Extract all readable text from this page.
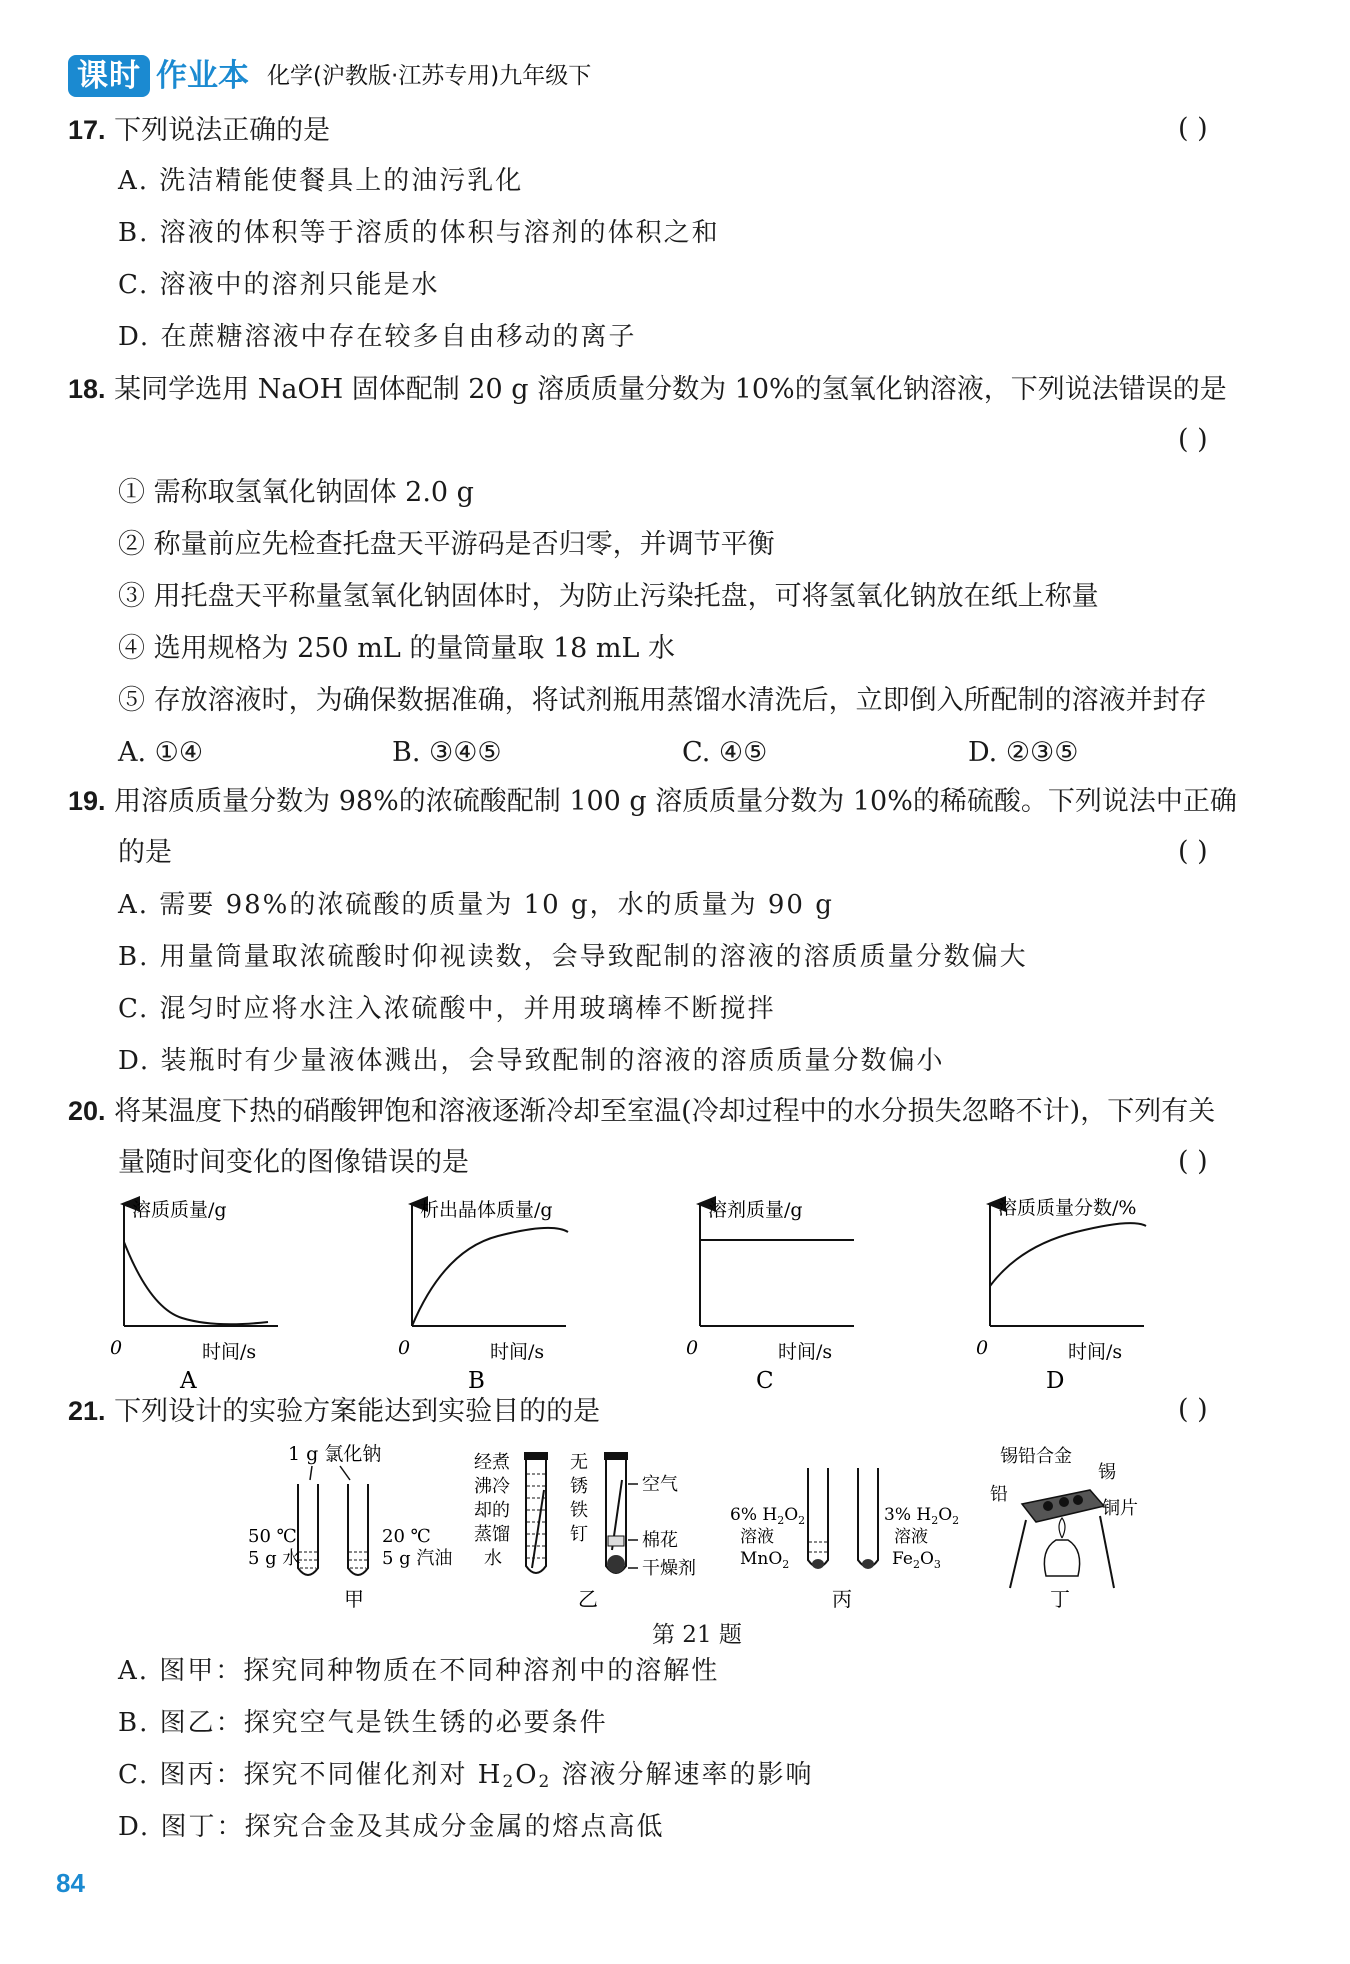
课时 作业本 化学(沪教版·江苏专用)九年级下
17. 下列说法正确的是	( )
A. 洗洁精能使餐具上的油污乳化
B. 溶液的体积等于溶质的体积与溶剂的体积之和
C. 溶液中的溶剂只能是水
D. 在蔗糖溶液中存在较多自由移动的离子
18. 某同学选用 NaOH 固体配制 20 g 溶质质量分数为 10%的氢氧化钠溶液，下列说法错误的是
( )
① 需称取氢氧化钠固体 2.0 g
② 称量前应先检查托盘天平游码是否归零，并调节平衡
③ 用托盘天平称量氢氧化钠固体时，为防止污染托盘，可将氢氧化钠放在纸上称量
④ 选用规格为 250 mL 的量筒量取 18 mL 水
⑤ 存放溶液时，为确保数据准确，将试剂瓶用蒸馏水清洗后，立即倒入所配制的溶液并封存
A. ①④	B. ③④⑤	C. ④⑤	D. ②③⑤
19. 用溶质质量分数为 98%的浓硫酸配制 100 g 溶质质量分数为 10%的稀硫酸。下列说法中正确
的是	( )
A. 需要 98%的浓硫酸的质量为 10 g，水的质量为 90 g
B. 用量筒量取浓硫酸时仰视读数，会导致配制的溶液的溶质质量分数偏大
C. 混匀时应将水注入浓硫酸中，并用玻璃棒不断搅拌
D. 装瓶时有少量液体溅出，会导致配制的溶液的溶质质量分数偏小
20. 将某温度下热的硝酸钾饱和溶液逐渐冷却至室温(冷却过程中的水分损失忽略不计)，下列有关
量随时间变化的图像错误的是	( )
溶质质量/g
0	时间/s
A
析出晶体质量/g
0	时间/s
B
溶剂质量/g
0	时间/s
C
溶质质量分数/%
0	时间/s
D
21. 下列设计的实验方案能达到实验目的的是	( )
1 g 氯化钠
50 ℃
5 g 水
20 ℃
5 g 汽油
甲
经煮
沸冷
却的
蒸馏
水
无
锈
铁
钉
空气
棉花
干燥剂
乙
6% $H_2O_2$
溶液
MnO$_2$
3% $H_2O_2$
溶液
$Fe_2O_3$
丙
锡铅合金
锡
铅
铜片
丁
第 21 题
A. 图甲：探究同种物质在不同种溶剂中的溶解性
B. 图乙：探究空气是铁生锈的必要条件
C. 图丙：探究不同催化剂对 $H_2O_2$ 溶液分解速率的影响
D. 图丁：探究合金及其成分金属的熔点高低
84
